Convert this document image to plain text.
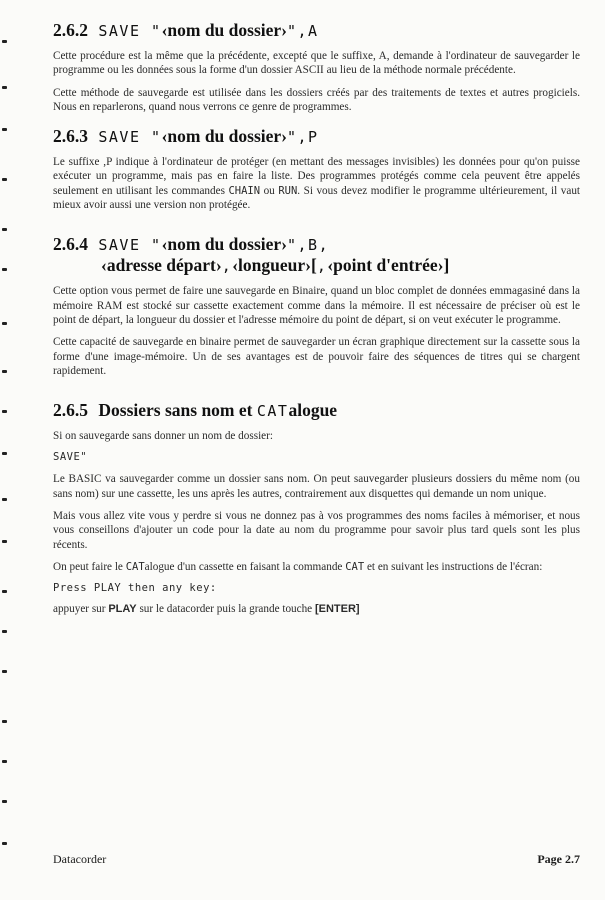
2.6.2 SAVE "‹nom du dossier›",A

Cette procédure est la même que la précédente, excepté que le suffixe, A, demande à l'ordinateur de sauvegarder le programme ou les données sous la forme d'un dossier ASCII au lieu de la méthode normale précédente.

Cette méthode de sauvegarde est utilisée dans les dossiers créés par des traitements de textes et autres progiciels. Nous en reparlerons, quand nous verrons ce genre de programmes.

2.6.3 SAVE "‹nom du dossier›",P

Le suffixe ,P indique à l'ordinateur de protéger (en mettant des messages invisibles) les données pour qu'on puisse exécuter un programme, mais pas en faire la liste. Des programmes protégés comme cela peuvent être appelés seulement en utilisant les commandes CHAIN ou RUN. Si vous devez modifier le programme ultérieurement, il vaut mieux avoir aussi une version non protégée.

2.6.4 SAVE "‹nom du dossier›",B,
‹adresse départ›,‹longueur›[,‹point d'entrée›]

Cette option vous permet de faire une sauvegarde en Binaire, quand un bloc complet de données emmagasiné dans la mémoire RAM est stocké sur cassette exactement comme dans la mémoire. Il est nécessaire de préciser où est le point de départ, la longueur du dossier et l'adresse mémoire du point de départ, si on veut exécuter le programme.

Cette capacité de sauvegarde en binaire permet de sauvegarder un écran graphique directement sur la cassette sous la forme d'une image-mémoire. Un de ses avantages est de pouvoir faire des séquences de titres qui se chargent rapidement.

2.6.5 Dossiers sans nom et CATalogue

Si on sauvegarde sans donner un nom de dossier:

SAVE"

Le BASIC va sauvegarder comme un dossier sans nom. On peut sauvegarder plusieurs dossiers du même nom (ou sans nom) sur une cassette, les uns après les autres, contrairement aux disquettes qui demande un nom unique.

Mais vous allez vite vous y perdre si vous ne donnez pas à vos programmes des noms faciles à mémoriser, et nous vous conseillons d'ajouter un code pour la date au nom du programme pour savoir plus tard quels sont les plus récents.

On peut faire le CATalogue d'un cassette en faisant la commande CAT et en suivant les instructions de l'écran:

Press PLAY then any key:
appuyer sur PLAY sur le datacorder puis la grande touche [ENTER]
Datacorder	Page 2.7
